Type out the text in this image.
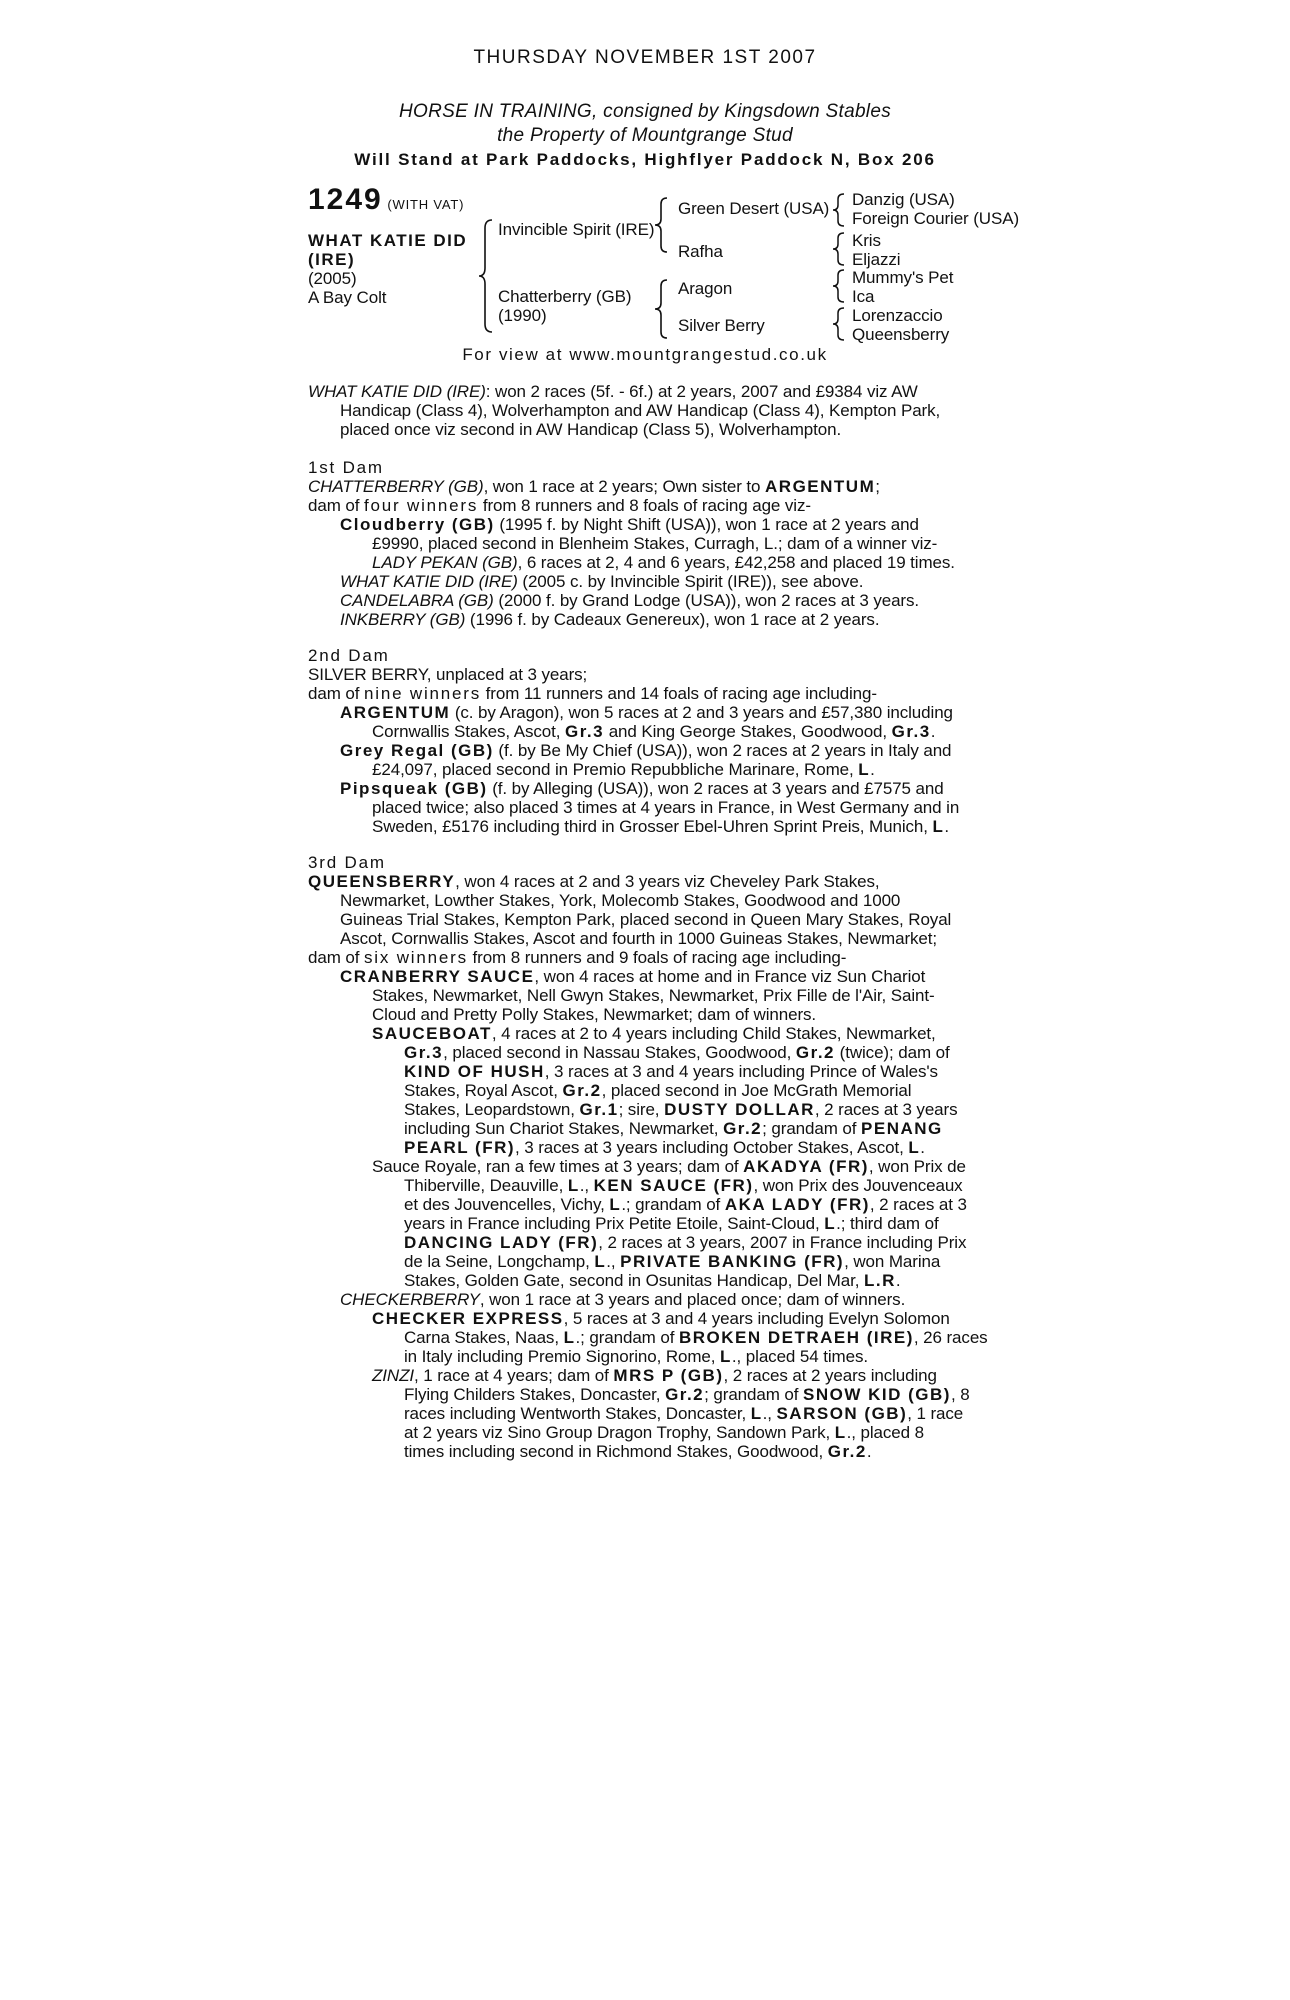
THURSDAY NOVEMBER 1ST 2007
HORSE IN TRAINING, consigned by Kingsdown Stables
the Property of Mountgrange Stud
Will Stand at Park Paddocks, Highflyer Paddock N, Box 206
1249 (WITH VAT)
WHAT KATIE DID
(IRE)
(2005)
A Bay Colt
Invincible Spirit (IRE)
Chatterberry (GB)
(1990)
Green Desert (USA)
Rafha
Aragon
Silver Berry
Danzig (USA)
Foreign Courier (USA)
Kris
Eljazzi
Mummy's Pet
Ica
Lorenzaccio
Queensberry
For view at www.mountgrangestud.co.uk
WHAT KATIE DID (IRE): won 2 races (5f. - 6f.) at 2 years, 2007 and £9384 viz AW
Handicap (Class 4), Wolverhampton and AW Handicap (Class 4), Kempton Park,
placed once viz second in AW Handicap (Class 5), Wolverhampton.
1st Dam
CHATTERBERRY (GB), won 1 race at 2 years; Own sister to ARGENTUM;
dam of four winners from 8 runners and 8 foals of racing age viz-
Cloudberry (GB) (1995 f. by Night Shift (USA)), won 1 race at 2 years and
£9990, placed second in Blenheim Stakes, Curragh, L.; dam of a winner viz-
LADY PEKAN (GB), 6 races at 2, 4 and 6 years, £42,258 and placed 19 times.
WHAT KATIE DID (IRE) (2005 c. by Invincible Spirit (IRE)), see above.
CANDELABRA (GB) (2000 f. by Grand Lodge (USA)), won 2 races at 3 years.
INKBERRY (GB) (1996 f. by Cadeaux Genereux), won 1 race at 2 years.
2nd Dam
SILVER BERRY, unplaced at 3 years;
dam of nine winners from 11 runners and 14 foals of racing age including-
ARGENTUM (c. by Aragon), won 5 races at 2 and 3 years and £57,380 including
Cornwallis Stakes, Ascot, Gr.3 and King George Stakes, Goodwood, Gr.3.
Grey Regal (GB) (f. by Be My Chief (USA)), won 2 races at 2 years in Italy and
£24,097, placed second in Premio Repubbliche Marinare, Rome, L.
Pipsqueak (GB) (f. by Alleging (USA)), won 2 races at 3 years and £7575 and
placed twice; also placed 3 times at 4 years in France, in West Germany and in
Sweden, £5176 including third in Grosser Ebel-Uhren Sprint Preis, Munich, L.
3rd Dam
QUEENSBERRY, won 4 races at 2 and 3 years viz Cheveley Park Stakes,
Newmarket, Lowther Stakes, York, Molecomb Stakes, Goodwood and 1000
Guineas Trial Stakes, Kempton Park, placed second in Queen Mary Stakes, Royal
Ascot, Cornwallis Stakes, Ascot and fourth in 1000 Guineas Stakes, Newmarket;
dam of six winners from 8 runners and 9 foals of racing age including-
CRANBERRY SAUCE, won 4 races at home and in France viz Sun Chariot
Stakes, Newmarket, Nell Gwyn Stakes, Newmarket, Prix Fille de l'Air, Saint-
Cloud and Pretty Polly Stakes, Newmarket; dam of winners.
SAUCEBOAT, 4 races at 2 to 4 years including Child Stakes, Newmarket,
Gr.3, placed second in Nassau Stakes, Goodwood, Gr.2 (twice); dam of
KIND OF HUSH, 3 races at 3 and 4 years including Prince of Wales's
Stakes, Royal Ascot, Gr.2, placed second in Joe McGrath Memorial
Stakes, Leopardstown, Gr.1; sire, DUSTY DOLLAR, 2 races at 3 years
including Sun Chariot Stakes, Newmarket, Gr.2; grandam of PENANG
PEARL (FR), 3 races at 3 years including October Stakes, Ascot, L.
Sauce Royale, ran a few times at 3 years; dam of AKADYA (FR), won Prix de
Thiberville, Deauville, L., KEN SAUCE (FR), won Prix des Jouvenceaux
et des Jouvencelles, Vichy, L.; grandam of AKA LADY (FR), 2 races at 3
years in France including Prix Petite Etoile, Saint-Cloud, L.; third dam of
DANCING LADY (FR), 2 races at 3 years, 2007 in France including Prix
de la Seine, Longchamp, L., PRIVATE BANKING (FR), won Marina
Stakes, Golden Gate, second in Osunitas Handicap, Del Mar, L.R.
CHECKERBERRY, won 1 race at 3 years and placed once; dam of winners.
CHECKER EXPRESS, 5 races at 3 and 4 years including Evelyn Solomon
Carna Stakes, Naas, L.; grandam of BROKEN DETRAEH (IRE), 26 races
in Italy including Premio Signorino, Rome, L., placed 54 times.
ZINZI, 1 race at 4 years; dam of MRS P (GB), 2 races at 2 years including
Flying Childers Stakes, Doncaster, Gr.2; grandam of SNOW KID (GB), 8
races including Wentworth Stakes, Doncaster, L., SARSON (GB), 1 race
at 2 years viz Sino Group Dragon Trophy, Sandown Park, L., placed 8
times including second in Richmond Stakes, Goodwood, Gr.2.
